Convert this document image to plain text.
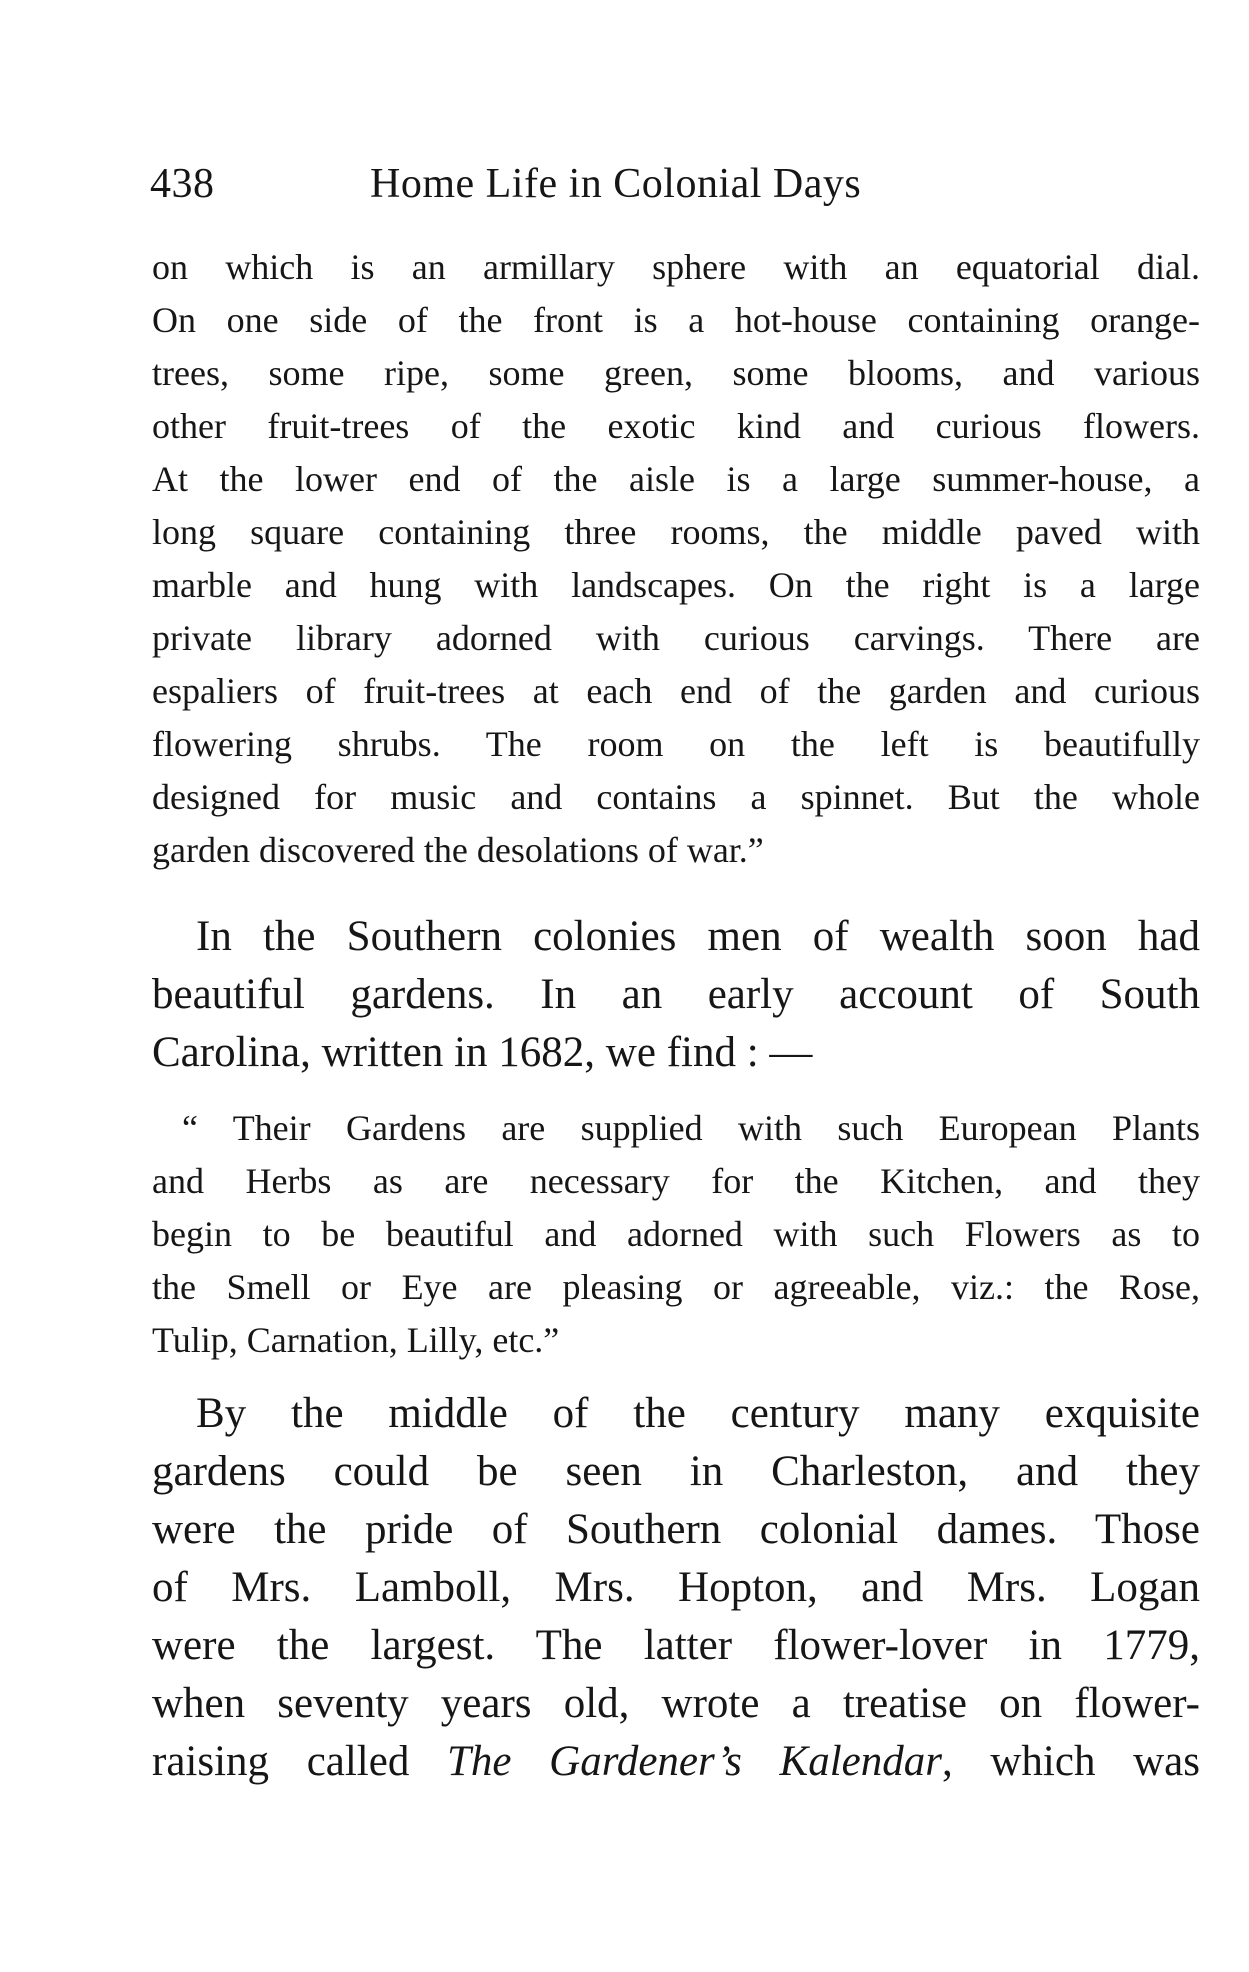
438	Home Life in Colonial Days
on which is an armillary sphere with an equatorial dial.
On one side of the front is a hot-house containing orange-
trees, some ripe, some green, some blooms, and various
other fruit-trees of the exotic kind and curious flowers.
At the lower end of the aisle is a large summer-house, a
long square containing three rooms, the middle paved with
marble and hung with landscapes. On the right is a large
private library adorned with curious carvings. There are
espaliers of fruit-trees at each end of the garden and curious
flowering shrubs. The room on the left is beautifully
designed for music and contains a spinnet. But the whole
garden discovered the desolations of war.”
In the Southern colonies men of wealth soon had
beautiful gardens. In an early account of South
Carolina, written in 1682, we find : —
“ Their Gardens are supplied with such European Plants
and Herbs as are necessary for the Kitchen, and they
begin to be beautiful and adorned with such Flowers as to
the Smell or Eye are pleasing or agreeable, viz.: the Rose,
Tulip, Carnation, Lilly, etc.”
By the middle of the century many exquisite
gardens could be seen in Charleston, and they
were the pride of Southern colonial dames. Those
of Mrs. Lamboll, Mrs. Hopton, and Mrs. Logan
were the largest. The latter flower-lover in 1779,
when seventy years old, wrote a treatise on flower-
raising called The Gardener’s Kalendar, which was
